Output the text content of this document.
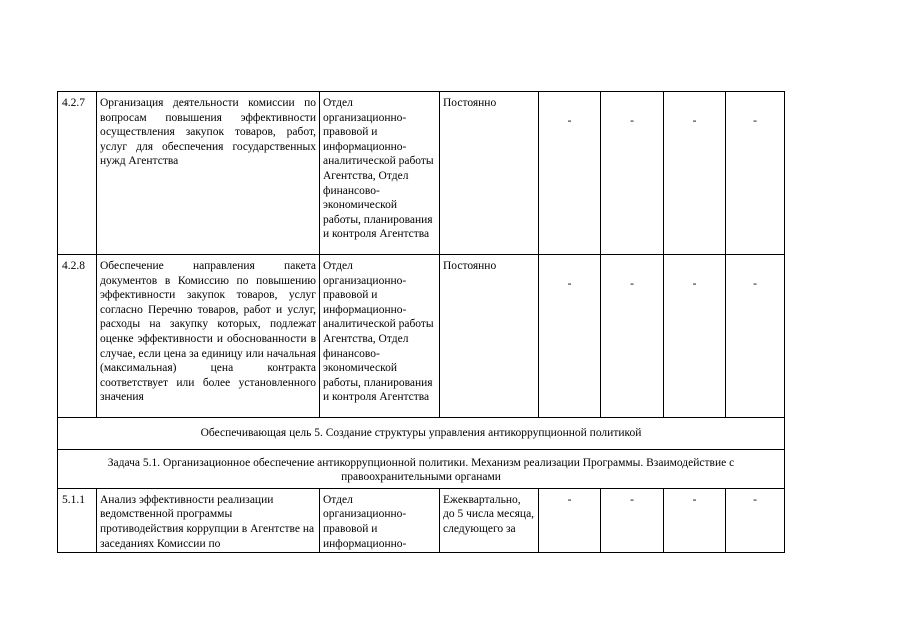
4.2.7	Организация деятельности комиссии по вопросам повышения эффективности осуществления закупок товаров, работ, услуг для обеспечения государственных нужд Агентства	Отдел организационно-правовой и информационно-аналитической работы Агентства, Отдел финансово-экономической работы, планирования и контроля Агентства	Постоянно	-	-	-	-
4.2.8	Обеспечение направления пакета документов в Комиссию по повышению эффективности закупок товаров, услуг согласно Перечню товаров, работ и услуг, расходы на закупку которых, подлежат оценке эффективности и обоснованности в случае, если цена за единицу или начальная (максимальная) цена контракта соответствует или более установленного значения	Отдел организационно-правовой и информационно-аналитической работы Агентства, Отдел финансово-экономической работы, планирования и контроля Агентства	Постоянно	-	-	-	-
Обеспечивающая цель 5. Создание структуры управления антикоррупционной политикой							
Задача 5.1. Организационное обеспечение антикоррупционной политики. Механизм реализации Программы. Взаимодействие с правоохранительными органами							
5.1.1	Анализ эффективности реализации ведомственной программы противодействия коррупции в Агентстве на заседаниях Комиссии по	Отдел организационно-правовой и информационно-	Ежеквартально, до 5 числа месяца, следующего за	-	-	-	-
